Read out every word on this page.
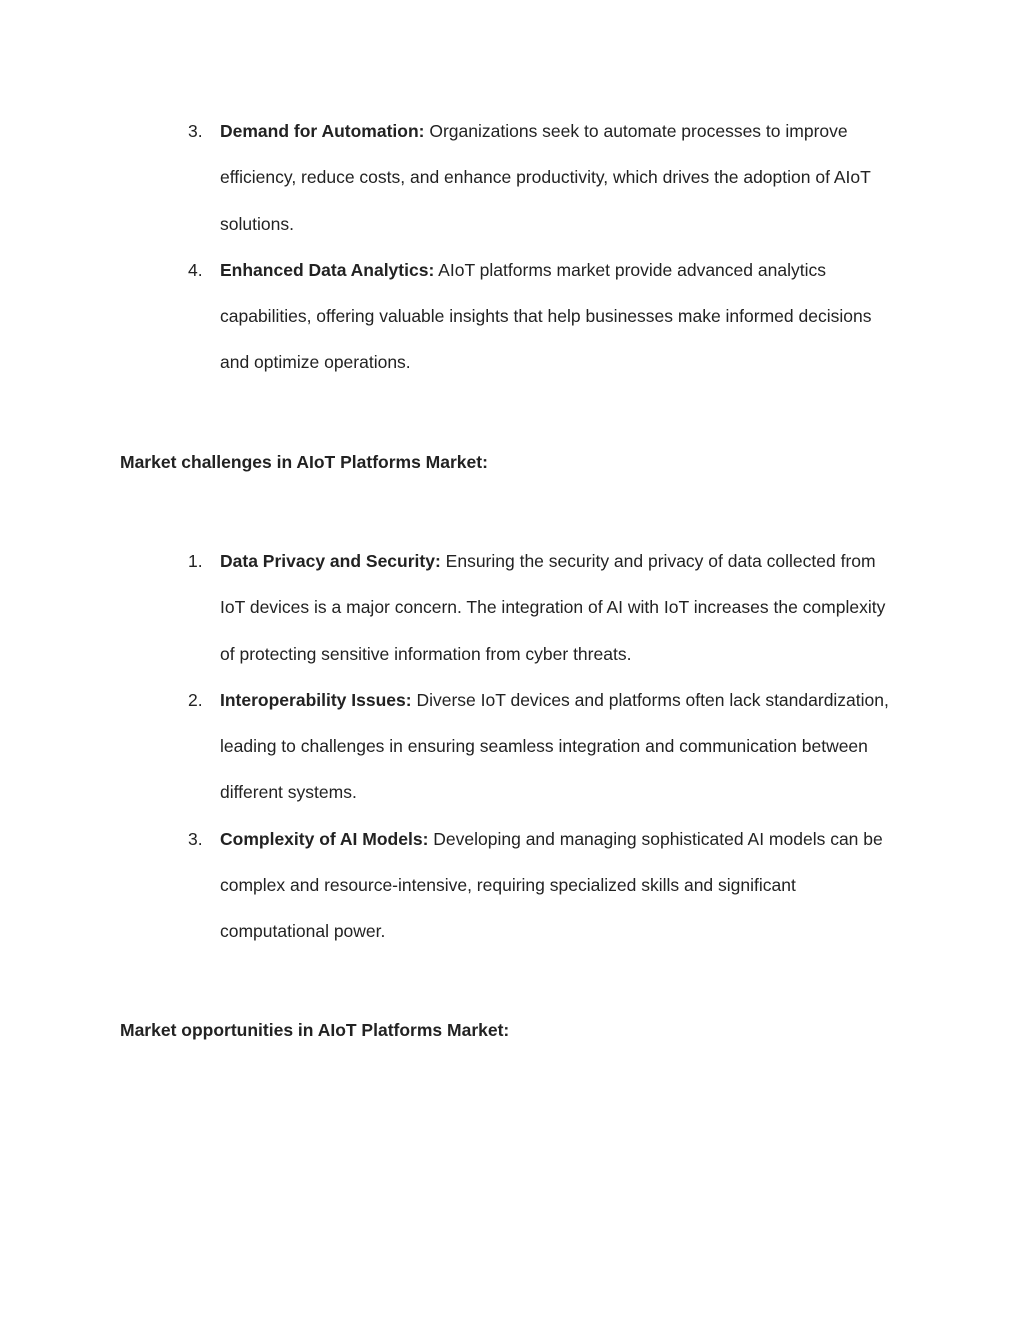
3. Demand for Automation: Organizations seek to automate processes to improve efficiency, reduce costs, and enhance productivity, which drives the adoption of AIoT solutions.
4. Enhanced Data Analytics: AIoT platforms market provide advanced analytics capabilities, offering valuable insights that help businesses make informed decisions and optimize operations.
Market challenges in AIoT Platforms Market:
1. Data Privacy and Security: Ensuring the security and privacy of data collected from IoT devices is a major concern. The integration of AI with IoT increases the complexity of protecting sensitive information from cyber threats.
2. Interoperability Issues: Diverse IoT devices and platforms often lack standardization, leading to challenges in ensuring seamless integration and communication between different systems.
3. Complexity of AI Models: Developing and managing sophisticated AI models can be complex and resource-intensive, requiring specialized skills and significant computational power.
Market opportunities in AIoT Platforms Market:
